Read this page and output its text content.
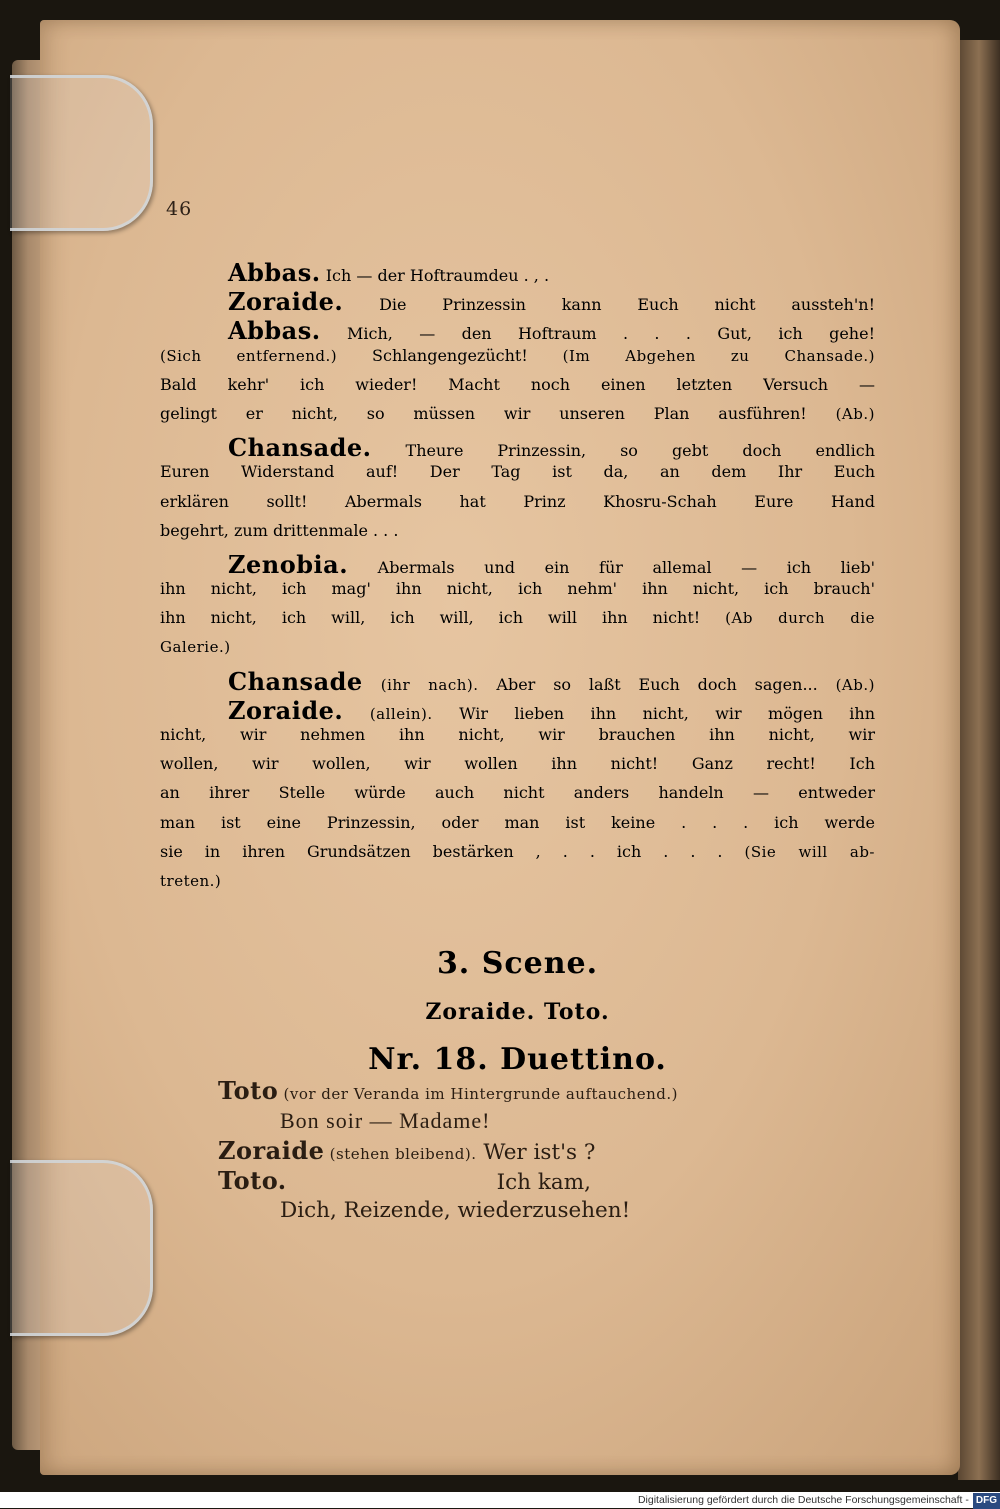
46
Abbas. Ich — der Hoftraumdeu . , .
Zoraide. Die Prinzessin kann Euch nicht aussteh'n!
Abbas. Mich, — den Hoftraum . . . Gut, ich gehe!
(Sich entfernend.) Schlangengezücht! (Im Abgehen zu Chansade.)
Bald kehr' ich wieder! Macht noch einen letzten Versuch —
gelingt er nicht, so müssen wir unseren Plan ausführen! (Ab.)
Chansade. Theure Prinzessin, so gebt doch endlich
Euren Widerstand auf! Der Tag ist da, an dem Ihr Euch
erklären sollt! Abermals hat Prinz Khosru-Schah Eure Hand
begehrt, zum drittenmale . . .
Zenobia. Abermals und ein für allemal — ich lieb'
ihn nicht, ich mag' ihn nicht, ich nehm' ihn nicht, ich brauch'
ihn nicht, ich will, ich will, ich will ihn nicht! (Ab durch die
Galerie.)
Chansade (ihr nach). Aber so laßt Euch doch sagen... (Ab.)
Zoraide. (allein). Wir lieben ihn nicht, wir mögen ihn
nicht, wir nehmen ihn nicht, wir brauchen ihn nicht, wir
wollen, wir wollen, wir wollen ihn nicht! Ganz recht! Ich
an ihrer Stelle würde auch nicht anders handeln — entweder
man ist eine Prinzessin, oder man ist keine . . . ich werde
sie in ihren Grundsätzen bestärken , . . ich . . . (Sie will ab-
treten.)
3. Scene.
Zoraide. Toto.
Nr. 18. Duettino.
Toto (vor der Veranda im Hintergrunde auftauchend.)
Bon soir — Madame!
Zoraide (stehen bleibend). Wer ist's ?
Toto.	Ich kam,
Dich, Reizende, wiederzusehen!
Digitalisierung gefördert durch die Deutsche Forschungsgemeinschaft - DFG
